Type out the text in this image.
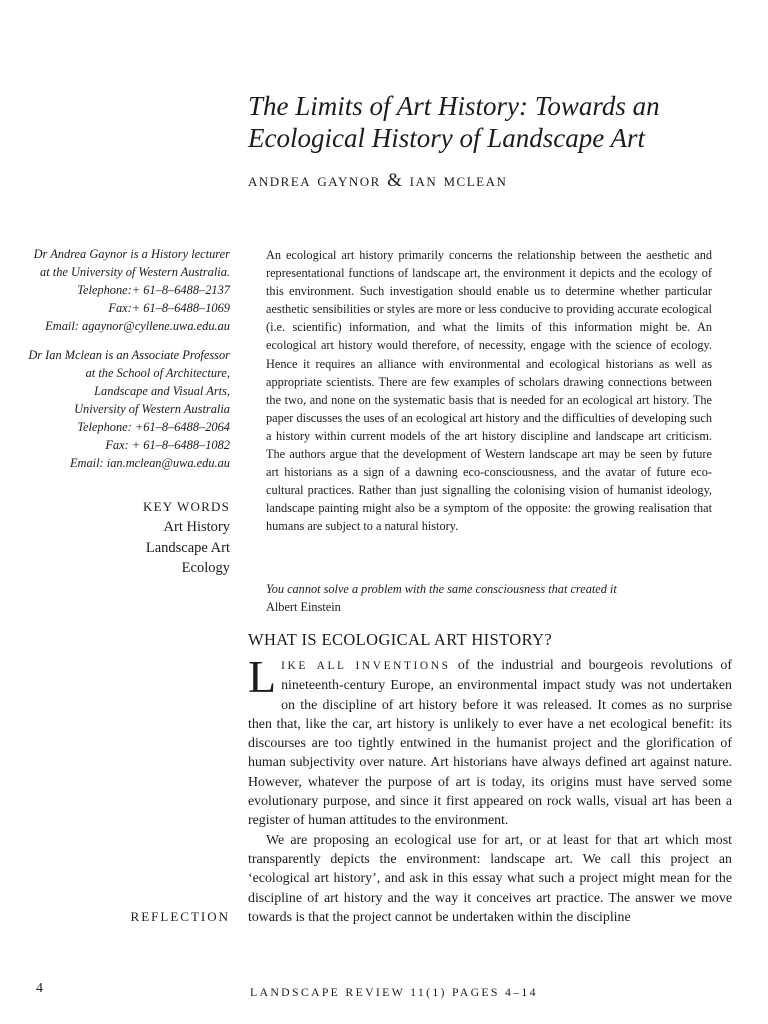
The Limits of Art History: Towards an Ecological History of Landscape Art
andrea gaynor & ian mclean
Dr Andrea Gaynor is a History lecturer
at the University of Western Australia.
Telephone:+ 61–8–6488–2137
Fax:+ 61–8–6488–1069
Email: agaynor@cyllene.uwa.edu.au
Dr Ian Mclean is an Associate Professor
at the School of Architecture,
Landscape and Visual Arts,
University of Western Australia
Telephone: +61–8–6488–2064
Fax: + 61–8–6488–1082
Email: ian.mclean@uwa.edu.au
KEY WORDS
Art History
Landscape Art
Ecology

An ecological art history primarily concerns the relationship between the aesthetic and representational functions of landscape art, the environment it depicts and the ecology of this environment. Such investigation should enable us to determine whether particular aesthetic sensibilities or styles are more or less conducive to providing accurate ecological (i.e. scientific) information, and what the limits of this information might be. An ecological art history would therefore, of necessity, engage with the science of ecology. Hence it requires an alliance with environmental and ecological historians as well as appropriate scientists. There are few examples of scholars drawing connections between the two, and none on the systematic basis that is needed for an ecological art history. The paper discusses the uses of an ecological art history and the difficulties of developing such a history within current models of the art history discipline and landscape art criticism. The authors argue that the development of Western landscape art may be seen by future art historians as a sign of a dawning eco-consciousness, and the avatar of future eco-cultural practices. Rather than just signalling the colonising vision of humanist ideology, landscape painting might also be a symptom of the opposite: the growing realisation that humans are subject to a natural history.

You cannot solve a problem with the same consciousness that created it
Albert Einstein
WHAT IS ECOLOGICAL ART HISTORY?

LIKE ALL INVENTIONS of the industrial and bourgeois revolutions of nineteenth-century Europe, an environmental impact study was not undertaken on the discipline of art history before it was released. It comes as no surprise then that, like the car, art history is unlikely to ever have a net ecological benefit: its discourses are too tightly entwined in the humanist project and the glorification of human subjectivity over nature. Art historians have always defined art against nature. However, whatever the purpose of art is today, its origins must have served some evolutionary purpose, and since it first appeared on rock walls, visual art has been a register of human attitudes to the environment.

We are proposing an ecological use for art, or at least for that art which most transparently depicts the environment: landscape art. We call this project an ‘ecological art history’, and ask in this essay what such a project might mean for the discipline of art history and the way it conceives art practice. The answer we move towards is that the project cannot be undertaken within the discipline

REFLECTION
4	LANDSCAPE REVIEW 11(1) PAGES 4–14
